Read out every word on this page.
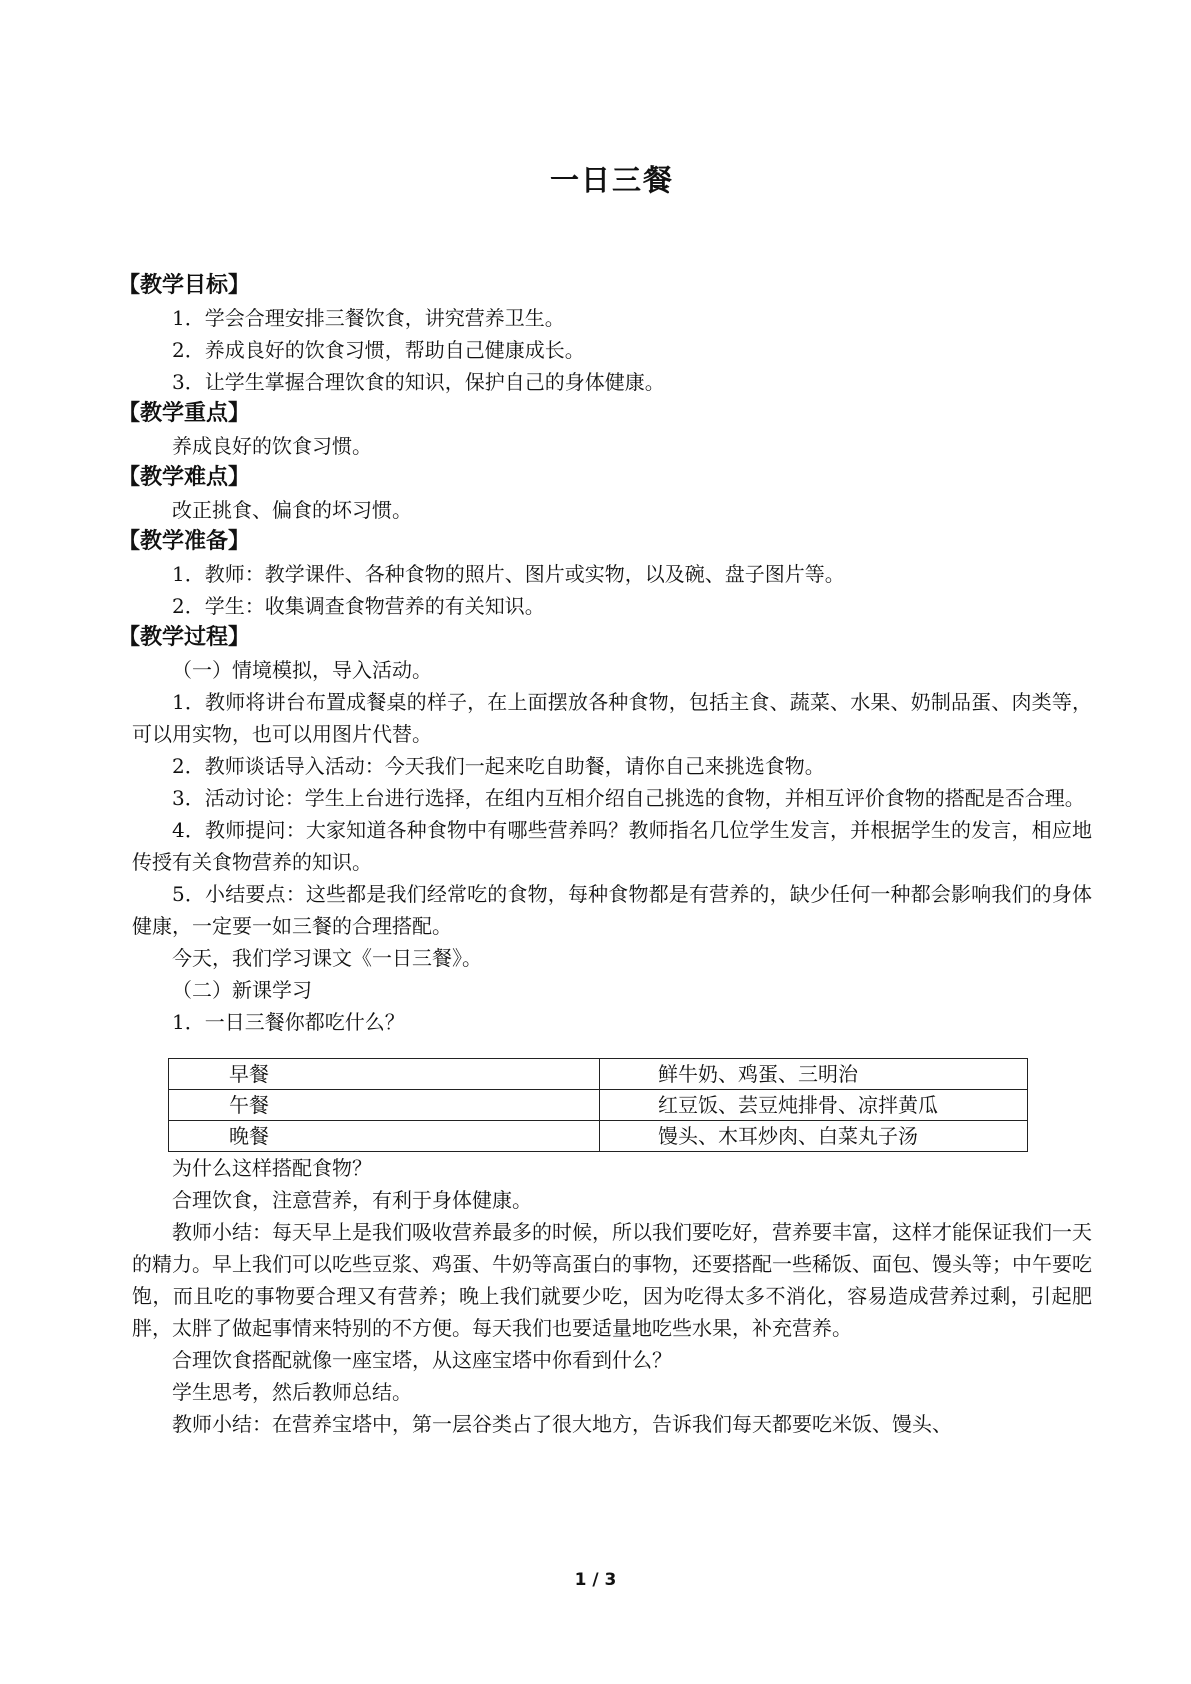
一日三餐
【教学目标】
1．学会合理安排三餐饮食，讲究营养卫生。
2．养成良好的饮食习惯，帮助自己健康成长。
3．让学生掌握合理饮食的知识，保护自己的身体健康。
【教学重点】
养成良好的饮食习惯。
【教学难点】
改正挑食、偏食的坏习惯。
【教学准备】
1．教师：教学课件、各种食物的照片、图片或实物，以及碗、盘子图片等。
2．学生：收集调查食物营养的有关知识。
【教学过程】
（一）情境模拟，导入活动。
1．教师将讲台布置成餐桌的样子，在上面摆放各种食物，包括主食、蔬菜、水果、奶制品蛋、肉类等，可以用实物，也可以用图片代替。
2．教师谈话导入活动：今天我们一起来吃自助餐，请你自己来挑选食物。
3．活动讨论：学生上台进行选择，在组内互相介绍自己挑选的食物，并相互评价食物的搭配是否合理。
4．教师提问：大家知道各种食物中有哪些营养吗？教师指名几位学生发言，并根据学生的发言，相应地传授有关食物营养的知识。
5．小结要点：这些都是我们经常吃的食物，每种食物都是有营养的，缺少任何一种都会影响我们的身体健康，一定要一如三餐的合理搭配。
今天，我们学习课文《一日三餐》。
（二）新课学习
1．一日三餐你都吃什么？
早餐	鲜牛奶、鸡蛋、三明治
午餐	红豆饭、芸豆炖排骨、凉拌黄瓜
晚餐	馒头、木耳炒肉、白菜丸子汤
为什么这样搭配食物？
合理饮食，注意营养，有利于身体健康。
教师小结：每天早上是我们吸收营养最多的时候，所以我们要吃好，营养要丰富，这样才能保证我们一天的精力。早上我们可以吃些豆浆、鸡蛋、牛奶等高蛋白的事物，还要搭配一些稀饭、面包、馒头等；中午要吃饱，而且吃的事物要合理又有营养；晚上我们就要少吃，因为吃得太多不消化，容易造成营养过剩，引起肥胖，太胖了做起事情来特别的不方便。每天我们也要适量地吃些水果，补充营养。
合理饮食搭配就像一座宝塔，从这座宝塔中你看到什么？
学生思考，然后教师总结。
教师小结：在营养宝塔中，第一层谷类占了很大地方，告诉我们每天都要吃米饭、馒头、
1 / 3
